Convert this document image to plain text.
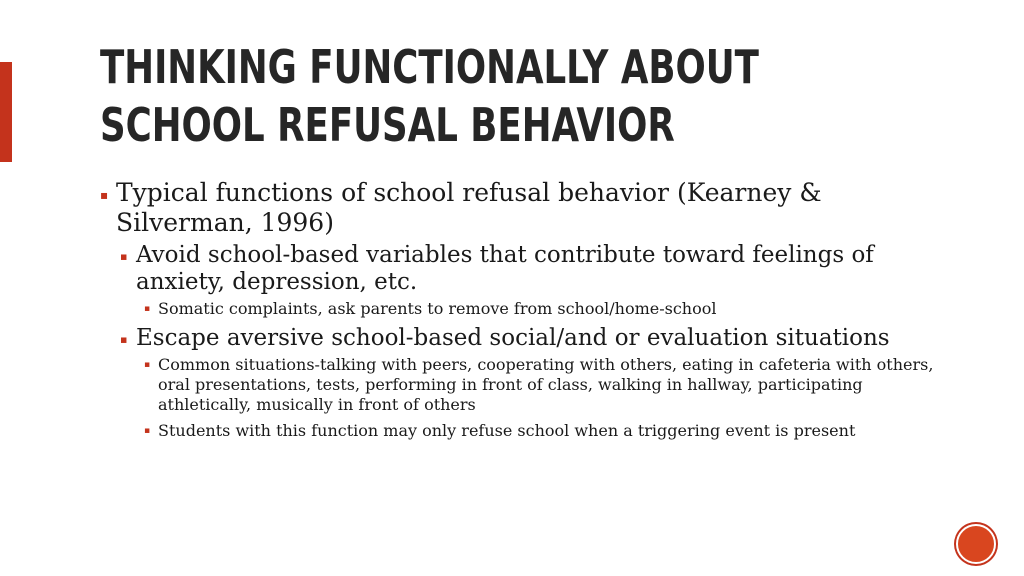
THINKING FUNCTIONALLY ABOUT SCHOOL REFUSAL BEHAVIOR
▪ Typical functions of school refusal behavior (Kearney & Silverman, 1996)
▪ Avoid school-based variables that contribute toward feelings of anxiety, depression, etc.
▪ Somatic complaints, ask parents to remove from school/home-school
▪ Escape aversive school-based social/and or evaluation situations
▪ Common situations-talking with peers, cooperating with others, eating in cafeteria with others, oral presentations, tests, performing in front of class, walking in hallway, participating athletically, musically in front of others
▪ Students with this function may only refuse school when a triggering event is present
